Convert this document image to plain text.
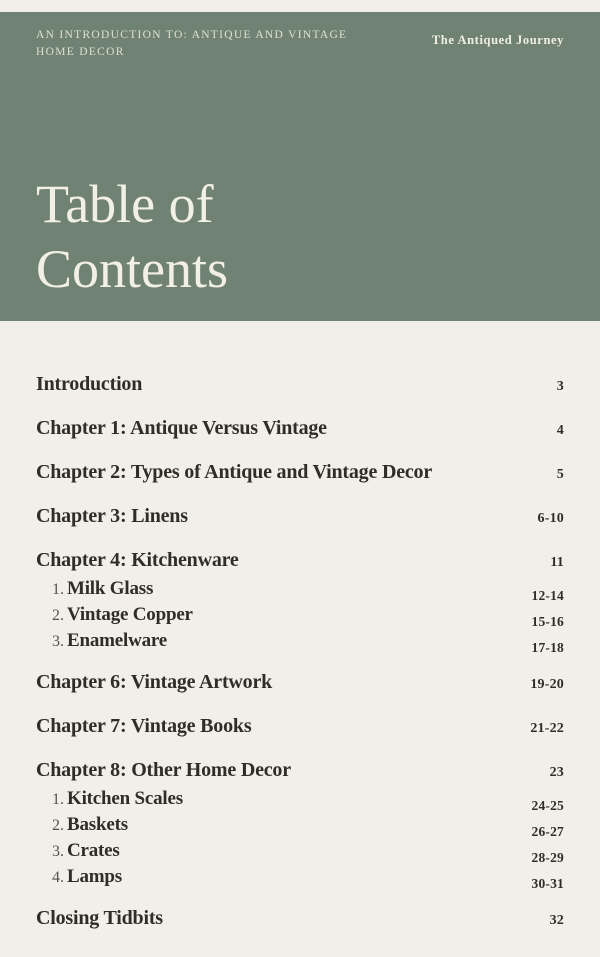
AN INTRODUCTION TO: ANTIQUE AND VINTAGE HOME DECOR
The Antiqued Journey
Table of
Contents
Introduction	3
Chapter 1: Antique Versus Vintage	4
Chapter 2: Types of Antique and Vintage Decor	5
Chapter 3: Linens	6-10
Chapter 4: Kitchenware	11
1. Milk Glass	12-14
2. Vintage Copper	15-16
3. Enamelware	17-18
Chapter 6: Vintage Artwork	19-20
Chapter 7: Vintage Books	21-22
Chapter 8: Other Home Decor	23
1. Kitchen Scales	24-25
2. Baskets	26-27
3. Crates	28-29
4. Lamps	30-31
Closing Tidbits	32
